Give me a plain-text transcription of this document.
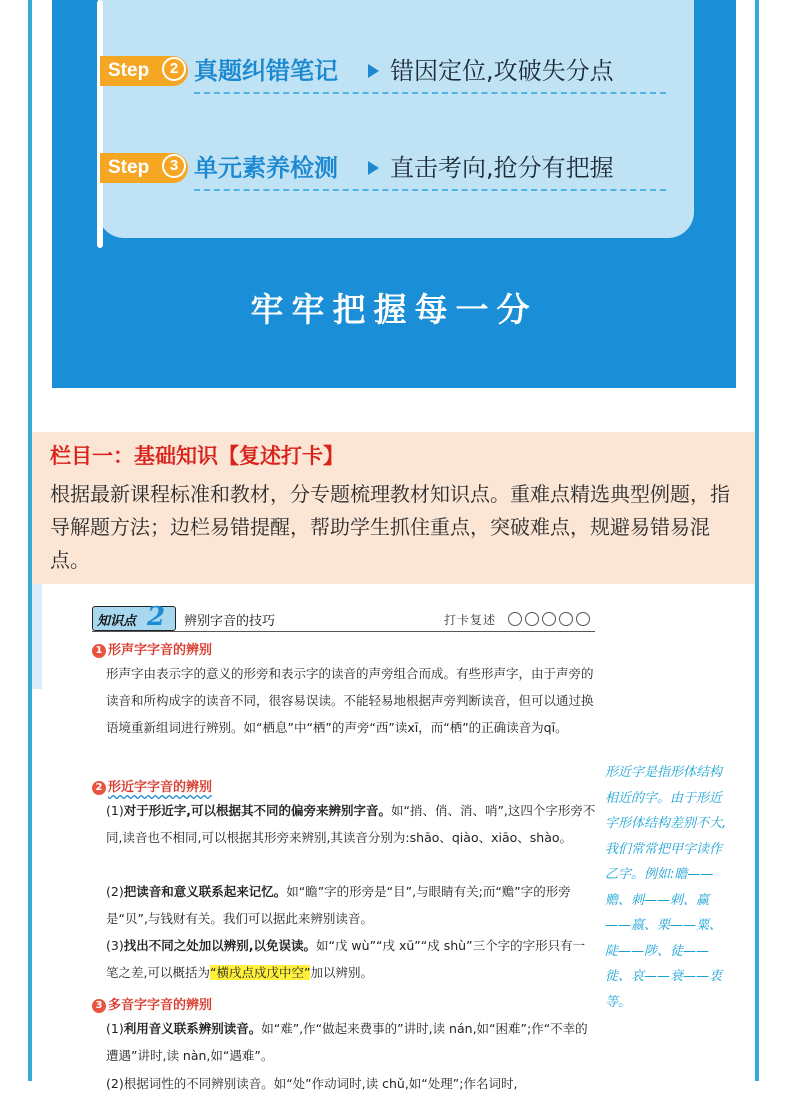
Step	2 真题纠错笔记 错因定位,攻破失分点
Step	3 单元素养检测 直击考向,抢分有把握
牢牢把握每一分
栏目一：基础知识【复述打卡】
根据最新课程标准和教材，分专题梳理教材知识点。重难点精选典型例题，指导解题方法；边栏易错提醒，帮助学生抓住重点，突破难点，规避易错易混点。
知识点 2 辨别字音的技巧	打卡复述
1 形声字字音的辨别
形声字由表示字的意义的形旁和表示字的读音的声旁组合而成。有些形声字，由于声旁的读音和所构成字的读音不同，很容易误读。不能轻易地根据声旁判断读音，但可以通过换语境重新组词进行辨别。如“栖息”中“栖”的声旁“西”读xī，而“栖”的正确读音为qī。
2 形近字字音的辨别
(1)对于形近字,可以根据其不同的偏旁来辨别字音。如“捎、俏、消、哨”,这四个字形旁不同,读音也不相同,可以根据其形旁来辨别,其读音分别为:shāo、qiào、xiāo、shào。
(2)把读音和意义联系起来记忆。如“瞻”字的形旁是“目”,与眼睛有关;而“赡”字的形旁是“贝”,与钱财有关。我们可以据此来辨别读音。
(3)找出不同之处加以辨别,以免误读。如“戊 wù”“戌 xū”“戍 shù”三个字的字形只有一笔之差,可以概括为“横戌点戍戊中空”加以辨别。
3 多音字字音的辨别
(1)利用音义联系辨别读音。如“难”,作“做起来费事的”讲时,读 nán,如“困难”;作“不幸的遭遇”讲时,读 nàn,如“遇难”。
(2)根据词性的不同辨别读音。如“处”作动词时,读 chǔ,如“处理”;作名词时,
形近字是指形体结构相近的字。由于形近字形体结构差别不大,我们常常把甲字读作乙字。例如:瞻——赡、刺——剌、赢——嬴、栗——粟、陡——陟、徒——徙、哀——衰——衷等。
